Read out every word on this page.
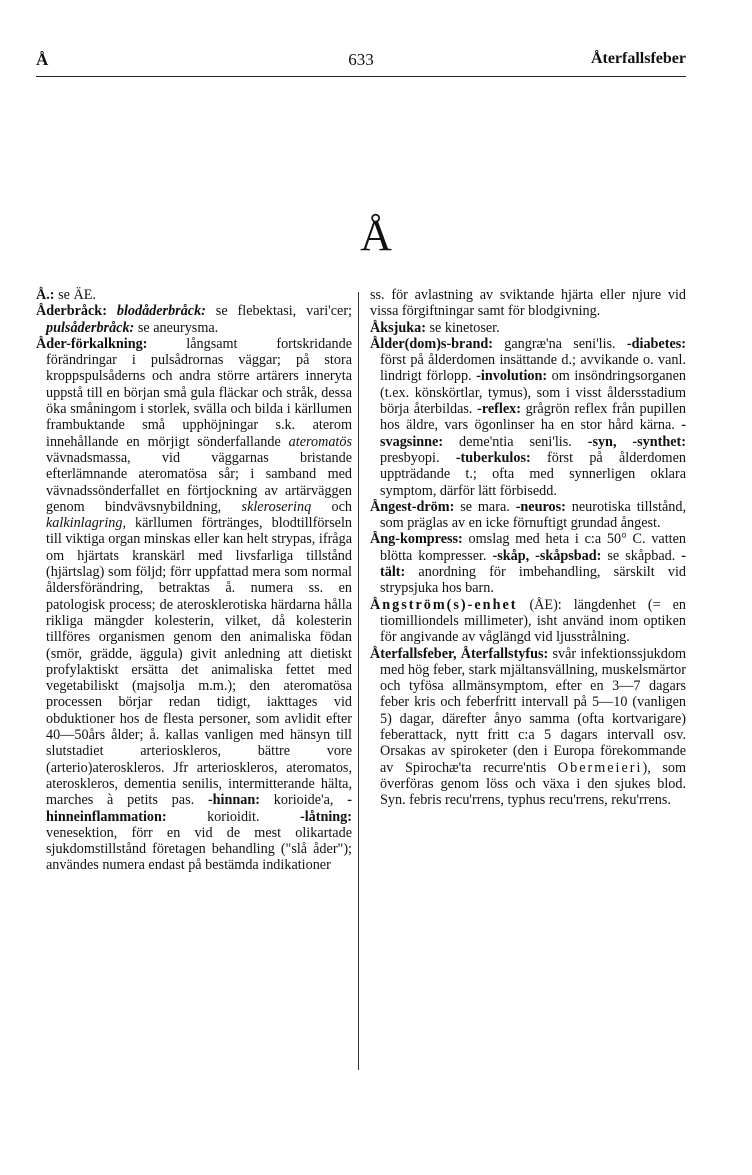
Å	633	Återfallsfeber
Å
Å.: se ÄE.
Åderbråck: blodåderbråck: se flebektasi, vari'cer; pulsåderbråck: se aneurysma.
Åder-förkalkning: långsamt fortskridande förändringar i pulsådrornas väggar; på stora kroppspulsåderns och andra större artärers inneryta uppstå till en början små gula fläckar och stråk, dessa öka småningom i storlek, svälla och bilda i kärllumen frambuktande små upphöjningar s.k. aterom innehållande en mörjigt sönderfallande ateromatös vävnadsmassa, vid väggarnas bristande efterlämnande ateromatösa sår; i samband med vävnadssönderfallet en förtjockning av artärväggen genom bindvävsnybildning, skleroserinq och kalkinlagring, kärllumen förtränges, blodtillförseln till viktiga organ minskas eller kan helt strypas, ifråga om hjärtats kranskärl med livsfarliga tillstånd (hjärtslag) som följd; förr uppfattad mera som normal åldersförändring, betraktas å. numera ss. en patologisk process; de aterosklerotiska härdarna hålla rikliga mängder kolesterin, vilket, då kolesterin tillföres organismen genom den animaliska födan (smör, grädde, äggula) givit anledning att dietiskt profylaktiskt ersätta det animaliska fettet med vegetabiliskt (majsolja m.m.); den ateromatösa processen börjar redan tidigt, iakttages vid obduktioner hos de flesta personer, som avlidit efter 40—50års ålder; å. kallas vanligen med hänsyn till slutstadiet arterioskleros, bättre vore (arterio)ateroskleros. Jfr arterioskleros, ateromatos, ateroskleros, dementia senilis, intermitterande hälta, marches à petits pas. -hinnan: korioide'a, -hinneinflammation: korioidit. -låtning: venesektion, förr en vid de mest olikartade sjukdomstillstånd företagen behandling ("slå åder"); användes numera endast på bestämda indikationer
ss. för avlastning av sviktande hjärta eller njure vid vissa förgiftningar samt för blodgivning.
Åksjuka: se kinetoser.
Ålder(dom)s-brand: gangræ'na seni'lis. -diabetes: först på ålderdomen insättande d.; avvikande o. vanl. lindrigt förlopp. -involution: om insöndringsorganen (t.ex. könskörtlar, tymus), som i visst åldersstadium börja återbildas. -reflex: grågrön reflex från pupillen hos äldre, vars ögonlinser ha en stor hård kärna. -svagsinne: deme'ntia seni'lis. -syn, -synthet: presbyopi. -tuberkulos: först på ålderdomen uppträdande t.; ofta med synnerligen oklara symptom, därför lätt förbisedd.
Ångest-dröm: se mara. -neuros: neurotiska tillstånd, som präglas av en icke förnuftigt grundad ångest.
Ång-kompress: omslag med heta i c:a 50° C. vatten blötta kompresser. -skåp, -skåpsbad: se skåpbad. -tält: anordning för imbehandling, särskilt vid strypsjuka hos barn.
Ångström(s)-enhet (ÅE): längdenhet (= en tiomilliondels millimeter), isht använd inom optiken för angivande av våglängd vid ljusstrålning.
Återfallsfeber, Återfallstyfus: svår infektionssjukdom med hög feber, stark mjältansvällning, muskelsmärtor och tyfösa allmänsymptom, efter en 3—7 dagars feber kris och feberfritt intervall på 5—10 (vanligen 5) dagar, därefter ånyo samma (ofta kortvarigare) feberattack, nytt fritt c:a 5 dagars intervall osv. Orsakas av spiroketer (den i Europa förekommande av Spirochæ'ta recurre'ntis Obermeieri), som överföras genom löss och växa i den sjukes blod. Syn. febris recu'rrens, typhus recu'rrens, reku'rrens.
